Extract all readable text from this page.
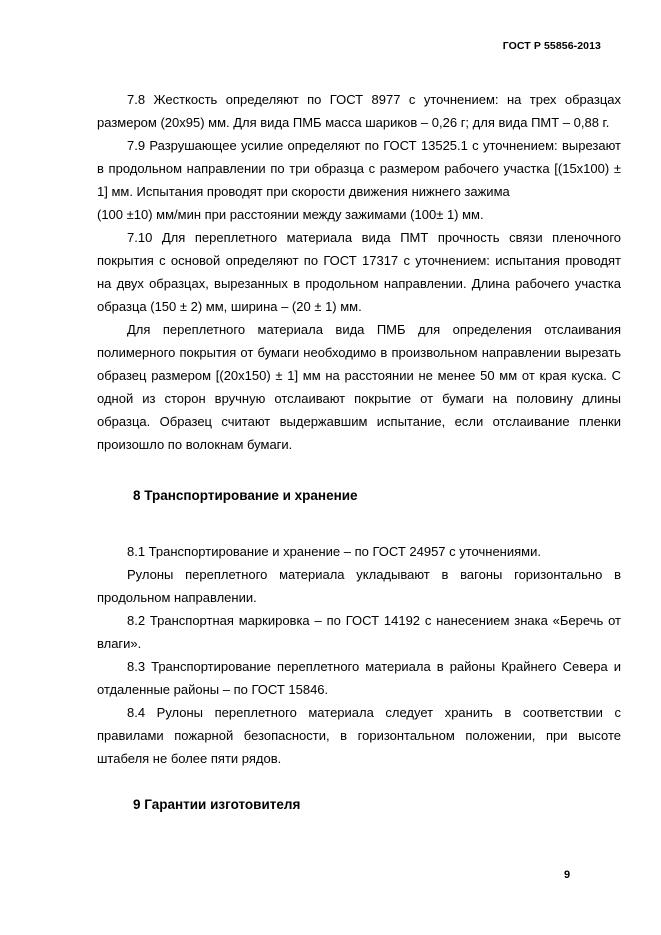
ГОСТ Р 55856-2013

7.8 Жесткость определяют по ГОСТ 8977 с уточнением: на трех образцах размером (20х95) мм. Для вида ПМБ масса шариков – 0,26 г; для вида ПМТ – 0,88 г.

7.9 Разрушающее усилие определяют по ГОСТ 13525.1 с уточнением: вырезают в продольном направлении по три образца с размером рабочего участка [(15х100) ± 1] мм. Испытания проводят при скорости движения нижнего зажима

(100 ±10) мм/мин при расстоянии между зажимами (100± 1) мм.

7.10 Для переплетного материала вида ПМТ прочность связи пленочного покрытия с основой определяют по ГОСТ 17317 с уточнением: испытания проводят на двух образцах, вырезанных в продольном направлении. Длина рабочего участка образца (150 ± 2) мм, ширина – (20 ± 1) мм.

Для переплетного материала вида ПМБ для определения отслаивания полимерного покрытия от бумаги необходимо в произвольном направлении вырезать образец размером [(20х150) ± 1] мм на расстоянии не менее 50 мм от края куска. С одной из сторон вручную отслаивают покрытие от бумаги на половину длины образца. Образец считают выдержавшим испытание, если отслаивание пленки произошло по волокнам бумаги.

8 Транспортирование и хранение

8.1 Транспортирование и хранение – по ГОСТ 24957 с уточнениями.

Рулоны переплетного материала укладывают в вагоны горизонтально в продольном направлении.

8.2 Транспортная маркировка – по ГОСТ 14192 с нанесением знака «Беречь от влаги».

8.3 Транспортирование переплетного материала в районы Крайнего Севера и отдаленные районы – по ГОСТ 15846.

8.4 Рулоны переплетного материала следует хранить в соответствии с правилами пожарной безопасности, в горизонтальном положении, при высоте штабеля не более пяти рядов.

9 Гарантии изготовителя
9
